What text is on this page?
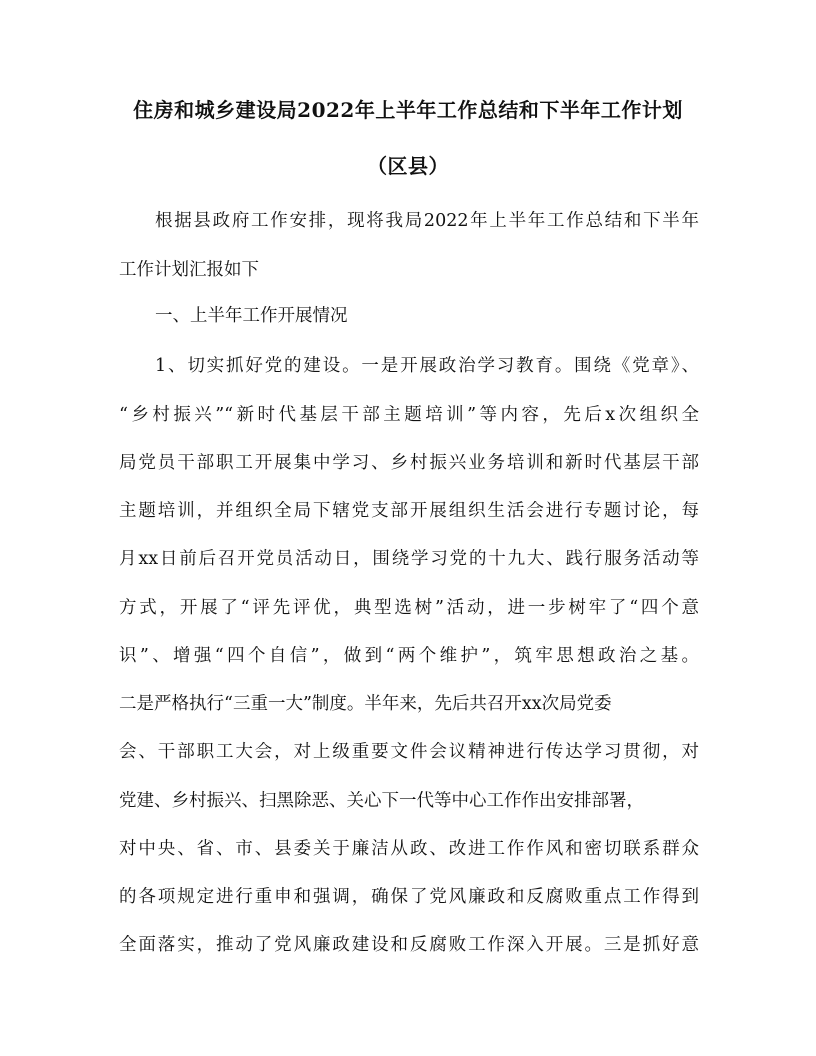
住房和城乡建设局2022年上半年工作总结和下半年工作计划
（区县）
根据县政府工作安排，现将我局2022年上半年工作总结和下半年
工作计划汇报如下
一、上半年工作开展情况
1、切实抓好党的建设。一是开展政治学习教育。围绕《党章》、
“乡村振兴”“新时代基层干部主题培训”等内容，先后x次组织全
局党员干部职工开展集中学习、乡村振兴业务培训和新时代基层干部
主题培训，并组织全局下辖党支部开展组织生活会进行专题讨论，每
月xx日前后召开党员活动日，围绕学习党的十九大、践行服务活动等
方式，开展了“评先评优，典型选树”活动，进一步树牢了“四个意
识”、增强“四个自信”，做到“两个维护”，筑牢思想政治之基。
二是严格执行“三重一大”制度。半年来，先后共召开xx次局党委
会、干部职工大会，对上级重要文件会议精神进行传达学习贯彻，对
党建、乡村振兴、扫黑除恶、关心下一代等中心工作作出安排部署，
对中央、省、市、县委关于廉洁从政、改进工作作风和密切联系群众
的各项规定进行重申和强调，确保了党风廉政和反腐败重点工作得到
全面落实，推动了党风廉政建设和反腐败工作深入开展。三是抓好意
